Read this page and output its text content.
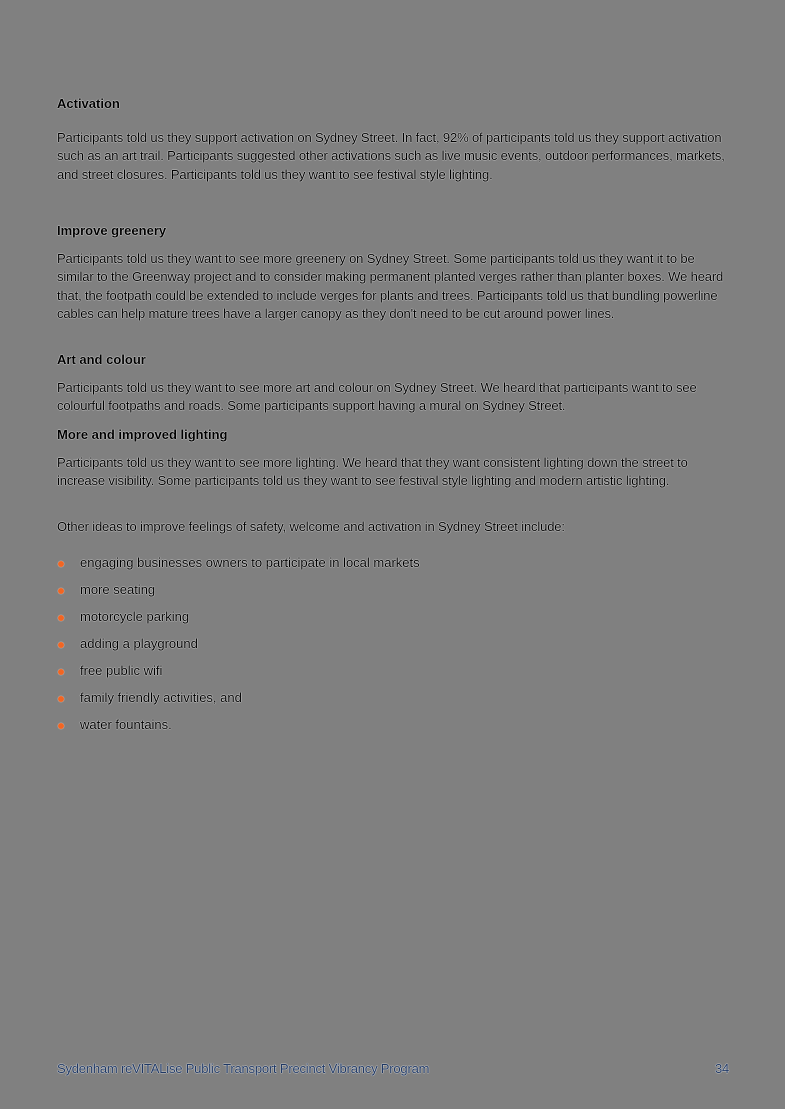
Activation

Participants told us they support activation on Sydney Street. In fact, 92% of participants told us they support activation such as an art trail. Participants suggested other activations such as live music events, outdoor performances, markets, and street closures. Participants told us they want to see festival style lighting.

Improve greenery

Participants told us they want to see more greenery on Sydney Street. Some participants told us they want it to be similar to the Greenway project and to consider making permanent planted verges rather than planter boxes. We heard that, the footpath could be extended to include verges for plants and trees. Participants told us that bundling powerline cables can help mature trees have a larger canopy as they don't need to be cut around power lines.

Art and colour

Participants told us they want to see more art and colour on Sydney Street. We heard that participants want to see colourful footpaths and roads. Some participants support having a mural on Sydney Street.

More and improved lighting

Participants told us they want to see more lighting. We heard that they want consistent lighting down the street to increase visibility. Some participants told us they want to see festival style lighting and modern artistic lighting.

Other ideas to improve feelings of safety, welcome and activation in Sydney Street include:

engaging businesses owners to participate in local markets
more seating
motorcycle parking
adding a playground
free public wifi
family friendly activities, and
water fountains.
Sydenham reVITALise Public Transport Precinct Vibrancy Program	34
